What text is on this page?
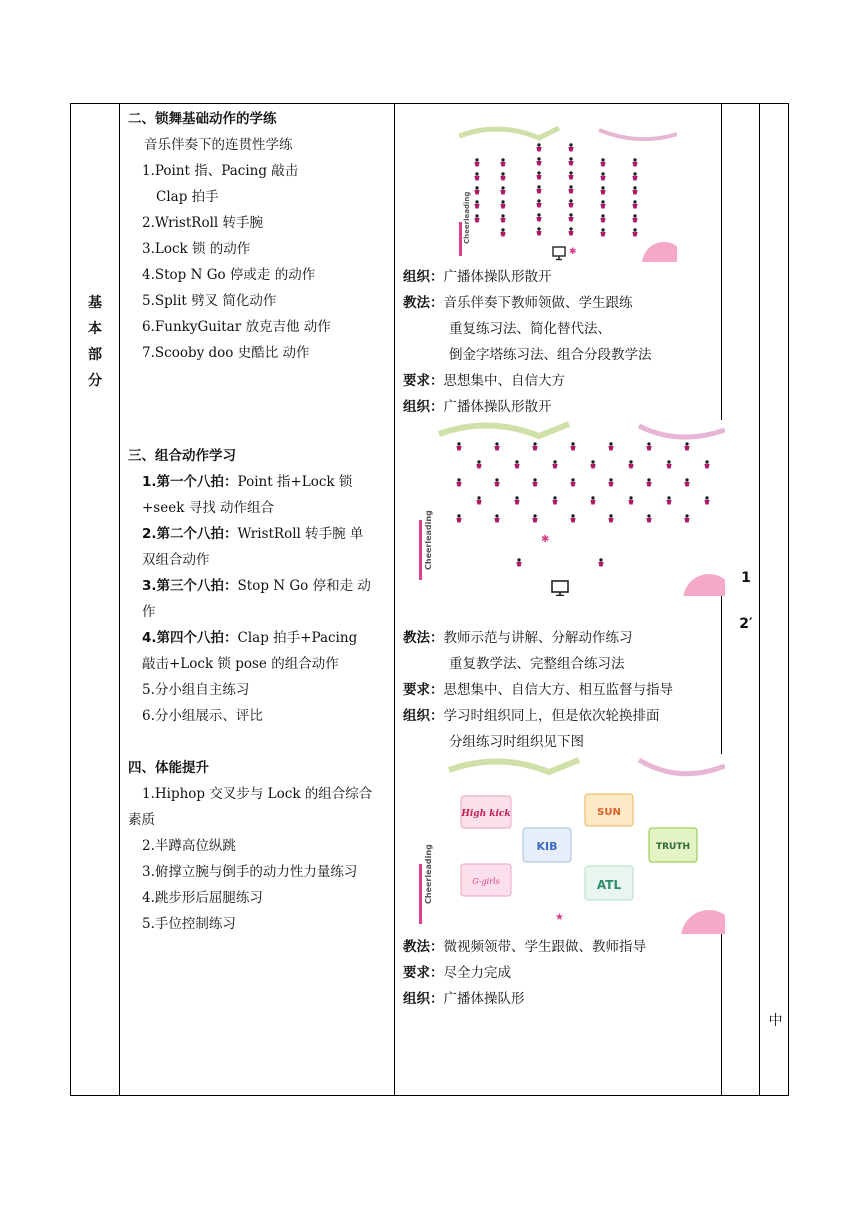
基
本
部
分
二、锁舞基础动作的学练
音乐伴奏下的连贯性学练
1.Point 指、Pacing 敲击
Clap 拍手
2.WristRoll 转手腕
3.Lock 锁 的动作
4.Stop N Go 停或走 的动作
5.Split 劈叉 简化动作
6.FunkyGuitar 放克吉他 动作
7.Scooby doo 史酷比 动作
三、组合动作学习
1.第一个八拍：Point 指+Lock 锁
+seek 寻找 动作组合
2.第二个八拍：WristRoll 转手腕 单
双组合动作
3.第三个八拍：Stop N Go 停和走 动
作
4.第四个八拍：Clap 拍手+Pacing
敲击+Lock 锁 pose 的组合动作
5.分小组自主练习
6.分小组展示、评比
四、体能提升
1.Hiphop 交叉步与 Lock 的组合综合
素质
2.半蹲高位纵跳
3.俯撑立腕与倒手的动力性力量练习
4.跳步形后屈腿练习
5.手位控制练习
Cheerleading
✱
组织：广播体操队形散开
教法：音乐伴奏下教师领做、学生跟练
重复练习法、简化替代法、
倒金字塔练习法、组合分段教学法
要求：思想集中、自信大方
组织：广播体操队形散开
Cheerleading	✱
教法：教师示范与讲解、分解动作练习
重复教学法、完整组合练习法
要求：思想集中、自信大方、相互监督与指导
组织：学习时组织同上，但是依次轮换排面
分组练习时组织见下图
Cheerleading
High kick	SUN
KIB	TRUTH
G-girls	ATL
★
教法：微视频领带、学生跟做、教师指导
要求：尽全力完成
组织：广播体操队形
1
2′
中
